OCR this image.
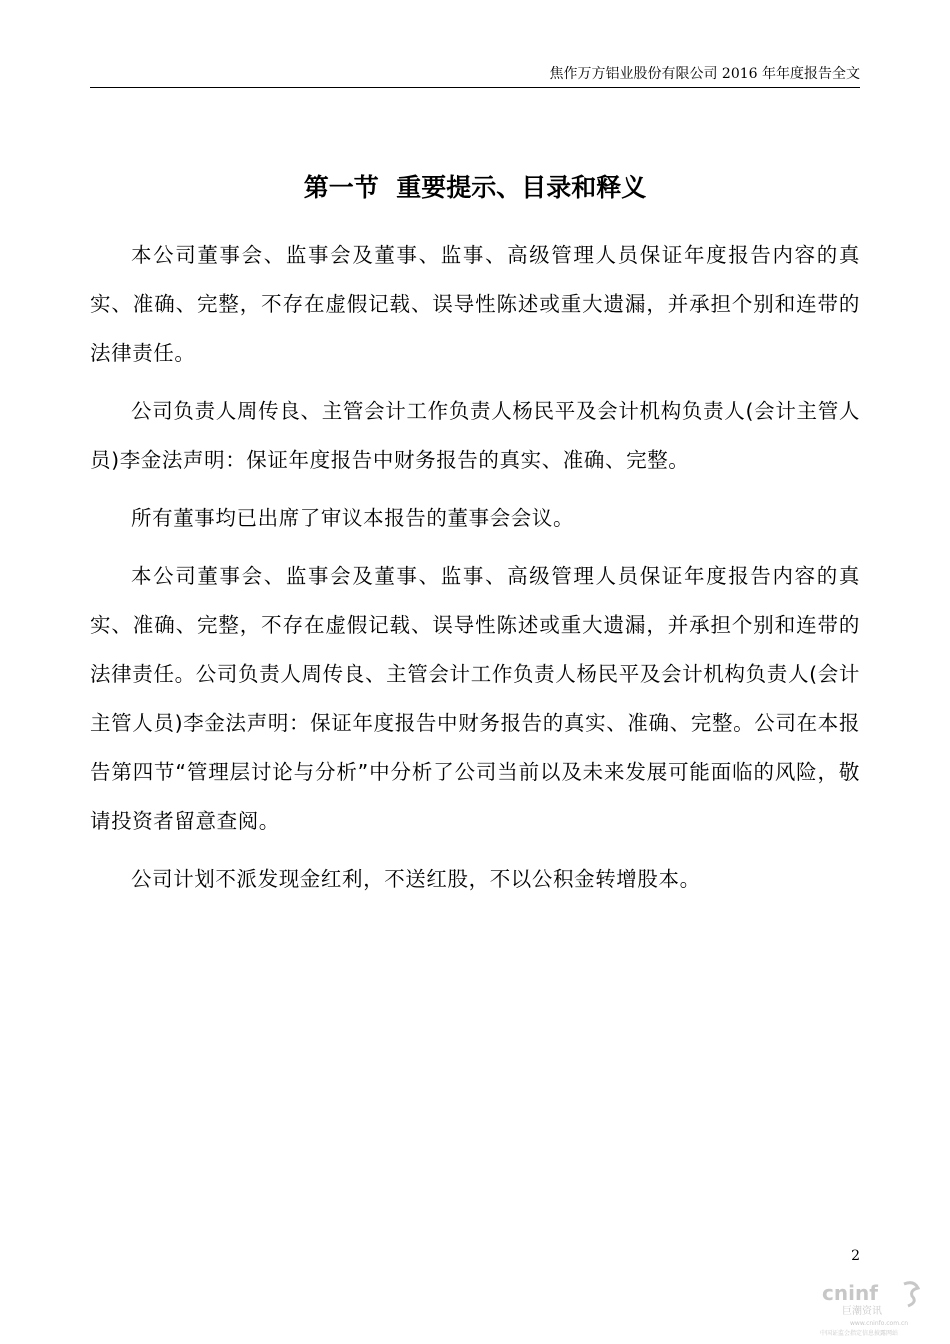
焦作万方铝业股份有限公司 2016 年年度报告全文
第一节  重要提示、目录和释义

本公司董事会、监事会及董事、监事、高级管理人员保证年度报告内容的真实、准确、完整，不存在虚假记载、误导性陈述或重大遗漏，并承担个别和连带的法律责任。

公司负责人周传良、主管会计工作负责人杨民平及会计机构负责人(会计主管人员)李金法声明：保证年度报告中财务报告的真实、准确、完整。

所有董事均已出席了审议本报告的董事会会议。

本公司董事会、监事会及董事、监事、高级管理人员保证年度报告内容的真实、准确、完整，不存在虚假记载、误导性陈述或重大遗漏，并承担个别和连带的法律责任。公司负责人周传良、主管会计工作负责人杨民平及会计机构负责人(会计主管人员)李金法声明：保证年度报告中财务报告的真实、准确、完整。公司在本报告第四节“管理层讨论与分析”中分析了公司当前以及未来发展可能面临的风险，敬请投资者留意查阅。

公司计划不派发现金红利，不送红股，不以公积金转增股本。

2
cninf
巨潮资讯
www.cninfo.com.cn
中国证监会指定信息披露网站
